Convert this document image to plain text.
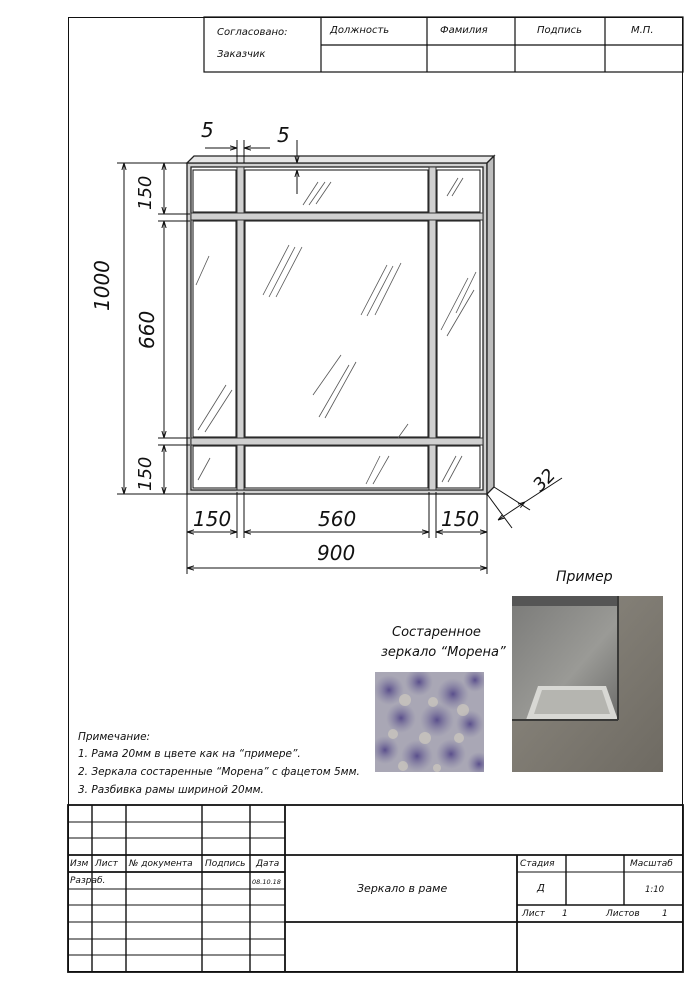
Согласовано:
Заказчик
Должность	Фамилия	Подпись	М.П.
1000
660
150
150
150	560	150
900
5	5
32
Состаренное
зеркало “Морена”
Пример
Примечание:
1. Рама 20мм в цвете как на “примере”.
2. Зеркала состаренные “Морена” с фацетом 5мм.
3. Разбивка рамы шириной 20мм.
Изм Лист № документа Подпись Дата
Разраб.	08.10.18	Зеркало в раме
Стадия
Д
Масштаб
1:10
Лист 1	Листов 1
